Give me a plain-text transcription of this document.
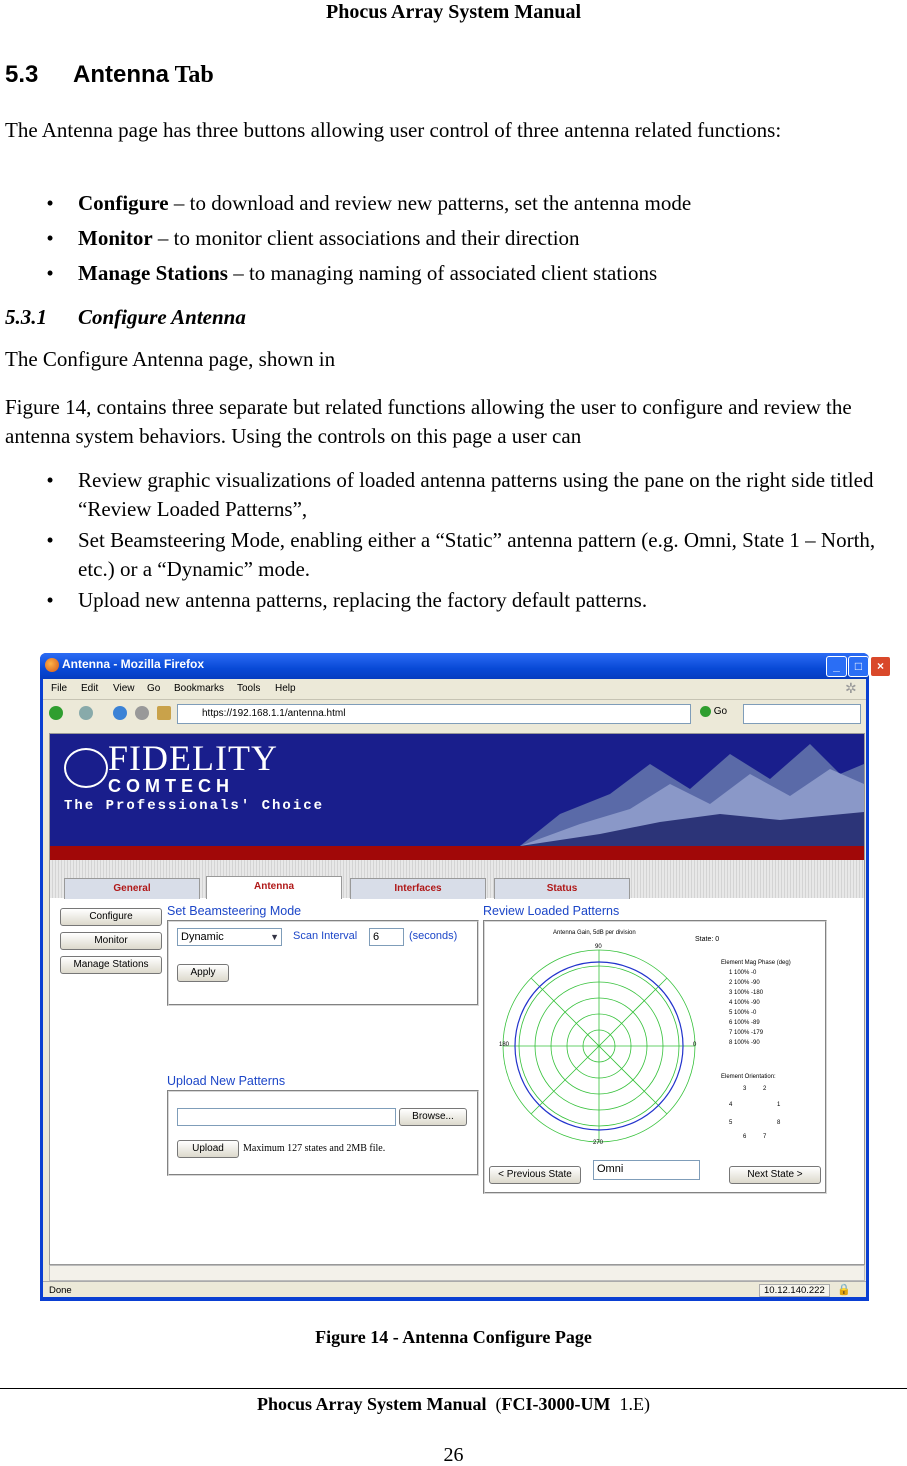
Phocus Array System Manual
5.3 Antenna Tab
The Antenna page has three buttons allowing user control of three antenna related functions:
•	Configure – to download and review new patterns, set the antenna mode
•	Monitor – to monitor client associations and their direction
•	Manage Stations – to managing naming of associated client stations
5.3.1 Configure Antenna
The Configure Antenna page, shown in
Figure 14, contains three separate but related functions allowing the user to configure and review the antenna system behaviors. Using the controls on this page a user can
•	Review graphic visualizations of loaded antenna patterns using the pane on the right side titled “Review Loaded Patterns”,
•	Set Beamsteering Mode, enabling either a “Static” antenna pattern (e.g. Omni, State 1 – North, etc.) or a “Dynamic” mode.
•	Upload new antenna patterns, replacing the factory default patterns.
Antenna - Mozilla Firefox	_	□	×
File Edit View Go Bookmarks Tools Help	✲
https://192.168.1.1/antenna.html	Go
FIDELITY
COMTECH
The Professionals' Choice
General	Antenna	Interfaces	Status
Configure
Monitor
Manage Stations
Set Beamsteering Mode
Dynamic	▼ Scan Interval	6	(seconds)
Apply
Upload New Patterns
Browse...
Upload	Maximum 127 states and 2MB file.
Review Loaded Patterns
Antenna Gain, 5dB per division
State: 0
90
180	0
270
Element Mag Phase (deg)
1 100% -0
2 100% -90
3 100% -180
4 100% -90
5 100% -0
6 100% -89
7 100% -179
8 100% -90
Element Orientation:
3	2
4	1
5	8
6	7
< Previous State	Omni	Next State >
Done	10.12.140.222	🔒
Figure 14 - Antenna Configure Page
Phocus Array System Manual (FCI-3000-UM 1.E)
26
